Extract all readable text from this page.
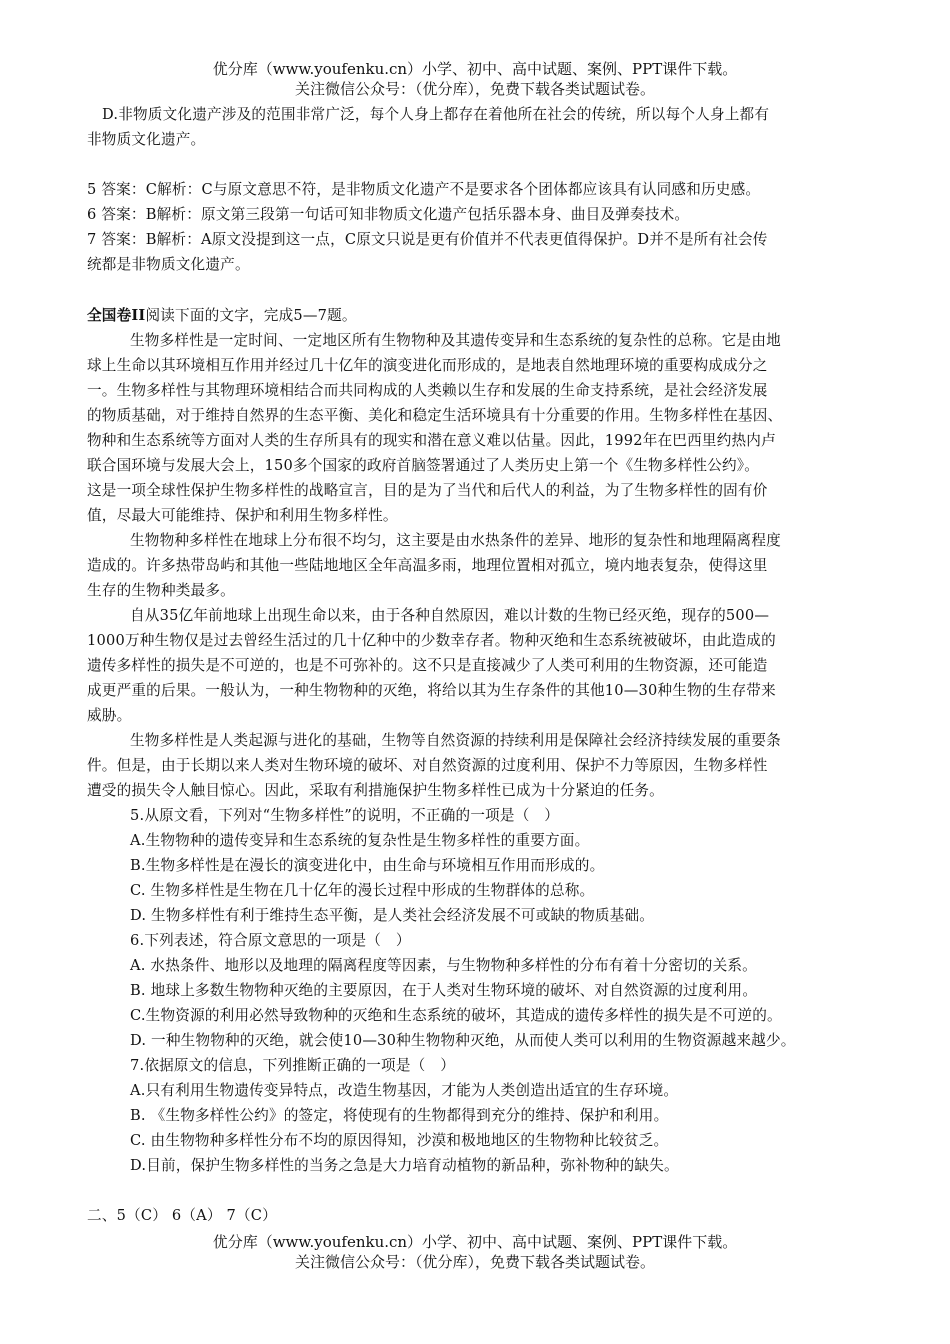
优分库（www.youfenku.cn）小学、初中、高中试题、案例、PPT课件下载。
关注微信公众号：（优分库），免费下载各类试题试卷。
D.非物质文化遗产涉及的范围非常广泛，每个人身上都存在着他所在社会的传统，所以每个人身上都有
非物质文化遗产。
5 答案：C解析：C与原文意思不符，是非物质文化遗产不是要求各个团体都应该具有认同感和历史感。
6 答案：B解析：原文第三段第一句话可知非物质文化遗产包括乐器本身、曲目及弹奏技术。
7 答案：B解析：A原文没提到这一点，C原文只说是更有价值并不代表更值得保护。D并不是所有社会传
统都是非物质文化遗产。
全国卷II阅读下面的文字，完成5—7题。
生物多样性是一定时间、一定地区所有生物物种及其遗传变异和生态系统的复杂性的总称。它是由地
球上生命以其环境相互作用并经过几十亿年的演变进化而形成的，是地表自然地理环境的重要构成成分之
一。生物多样性与其物理环境相结合而共同构成的人类赖以生存和发展的生命支持系统，是社会经济发展
的物质基础，对于维持自然界的生态平衡、美化和稳定生活环境具有十分重要的作用。生物多样性在基因、
物种和生态系统等方面对人类的生存所具有的现实和潜在意义难以估量。因此，1992年在巴西里约热内卢
联合国环境与发展大会上，150多个国家的政府首脑签署通过了人类历史上第一个《生物多样性公约》。
这是一项全球性保护生物多样性的战略宣言，目的是为了当代和后代人的利益，为了生物多样性的固有价
值，尽最大可能维持、保护和利用生物多样性。
生物物种多样性在地球上分布很不均匀，这主要是由水热条件的差异、地形的复杂性和地理隔离程度
造成的。许多热带岛屿和其他一些陆地地区全年高温多雨，地理位置相对孤立，境内地表复杂，使得这里
生存的生物种类最多。
自从35亿年前地球上出现生命以来，由于各种自然原因，难以计数的生物已经灭绝，现存的500—
1000万种生物仅是过去曾经生活过的几十亿种中的少数幸存者。物种灭绝和生态系统被破坏，由此造成的
遗传多样性的损失是不可逆的，也是不可弥补的。这不只是直接减少了人类可利用的生物资源，还可能造
成更严重的后果。一般认为，一种生物物种的灭绝，将给以其为生存条件的其他10—30种生物的生存带来
威胁。
生物多样性是人类起源与进化的基础，生物等自然资源的持续利用是保障社会经济持续发展的重要条
件。但是，由于长期以来人类对生物环境的破坏、对自然资源的过度利用、保护不力等原因，生物多样性
遭受的损失令人触目惊心。因此，采取有利措施保护生物多样性已成为十分紧迫的任务。
5.从原文看，下列对“生物多样性”的说明，不正确的一项是（　）
A.生物物种的遗传变异和生态系统的复杂性是生物多样性的重要方面。
B.生物多样性是在漫长的演变进化中，由生命与环境相互作用而形成的。
C. 生物多样性是生物在几十亿年的漫长过程中形成的生物群体的总称。
D. 生物多样性有利于维持生态平衡，是人类社会经济发展不可或缺的物质基础。
6.下列表述，符合原文意思的一项是（　）
A. 水热条件、地形以及地理的隔离程度等因素，与生物物种多样性的分布有着十分密切的关系。
B. 地球上多数生物物种灭绝的主要原因，在于人类对生物环境的破坏、对自然资源的过度利用。
C.生物资源的利用必然导致物种的灭绝和生态系统的破坏，其造成的遗传多样性的损失是不可逆的。
D. 一种生物物种的灭绝，就会使10—30种生物物种灭绝，从而使人类可以利用的生物资源越来越少。
7.依据原文的信息，下列推断正确的一项是（　）
A.只有利用生物遗传变异特点，改造生物基因，才能为人类创造出适宜的生存环境。
B. 《生物多样性公约》的签定，将使现有的生物都得到充分的维持、保护和利用。
C. 由生物物种多样性分布不均的原因得知，沙漠和极地地区的生物物种比较贫乏。
D.目前，保护生物多样性的当务之急是大力培育动植物的新品种，弥补物种的缺失。
二、5（C） 6（A） 7（C）
优分库（www.youfenku.cn）小学、初中、高中试题、案例、PPT课件下载。
关注微信公众号：（优分库），免费下载各类试题试卷。
